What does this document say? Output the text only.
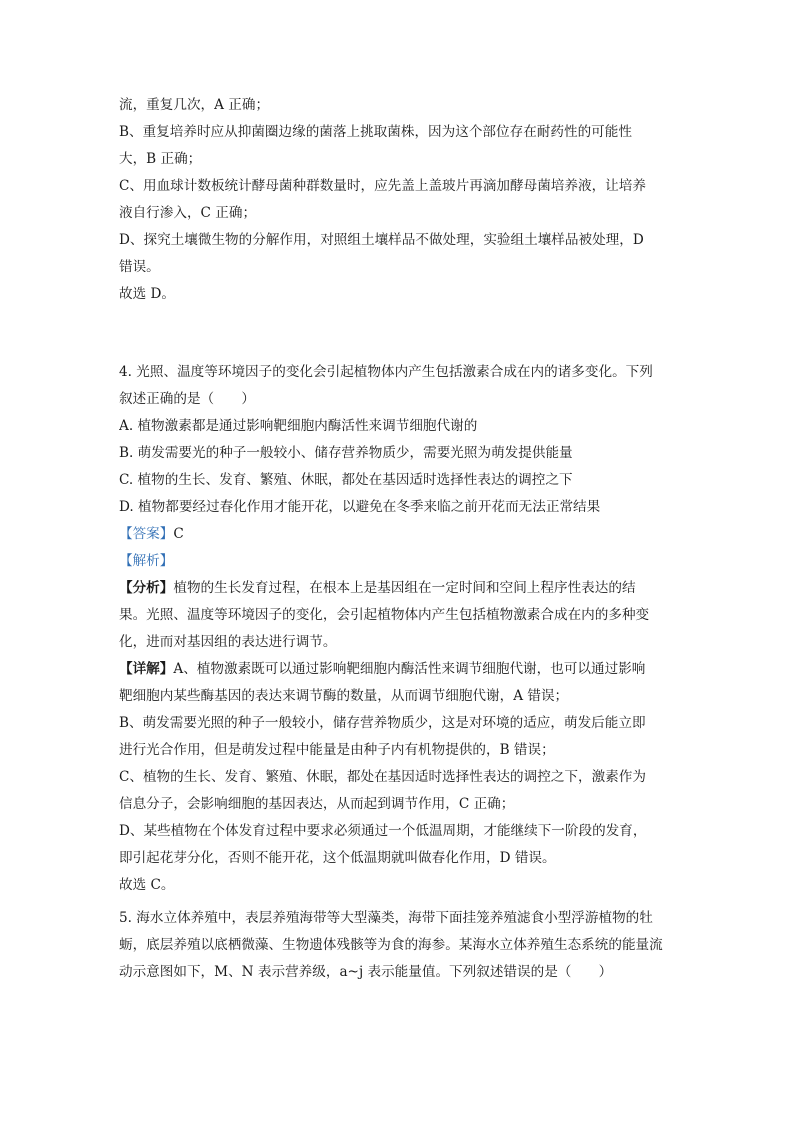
流，重复几次，A 正确；
B、重复培养时应从抑菌圈边缘的菌落上挑取菌株，因为这个部位存在耐药性的可能性
大，B 正确；
C、用血球计数板统计酵母菌种群数量时，应先盖上盖玻片再滴加酵母菌培养液，让培养
液自行渗入，C 正确；
D、探究土壤微生物的分解作用，对照组土壤样品不做处理，实验组土壤样品被处理，D
错误。
故选 D。
4. 光照、温度等环境因子的变化会引起植物体内产生包括激素合成在内的诸多变化。下列
叙述正确的是（　　）
A. 植物激素都是通过影响靶细胞内酶活性来调节细胞代谢的
B. 萌发需要光的种子一般较小、储存营养物质少，需要光照为萌发提供能量
C. 植物的生长、发育、繁殖、休眠，都处在基因适时选择性表达的调控之下
D. 植物都要经过春化作用才能开花，以避免在冬季来临之前开花而无法正常结果
【答案】C
【解析】
【分析】植物的生长发育过程，在根本上是基因组在一定时间和空间上程序性表达的结
果。光照、温度等环境因子的变化，会引起植物体内产生包括植物激素合成在内的多种变
化，进而对基因组的表达进行调节。
【详解】A、植物激素既可以通过影响靶细胞内酶活性来调节细胞代谢，也可以通过影响
靶细胞内某些酶基因的表达来调节酶的数量，从而调节细胞代谢，A 错误；
B、萌发需要光照的种子一般较小，储存营养物质少，这是对环境的适应，萌发后能立即
进行光合作用，但是萌发过程中能量是由种子内有机物提供的，B 错误；
C、植物的生长、发育、繁殖、休眠，都处在基因适时选择性表达的调控之下，激素作为
信息分子，会影响细胞的基因表达，从而起到调节作用，C 正确；
D、某些植物在个体发育过程中要求必须通过一个低温周期，才能继续下一阶段的发育，
即引起花芽分化，否则不能开花，这个低温期就叫做春化作用，D 错误。
故选 C。
5. 海水立体养殖中，表层养殖海带等大型藻类，海带下面挂笼养殖滤食小型浮游植物的牡
蛎，底层养殖以底栖微藻、生物遗体残骸等为食的海参。某海水立体养殖生态系统的能量流
动示意图如下，M、N 表示营养级，a~j 表示能量值。下列叙述错误的是（　　）
